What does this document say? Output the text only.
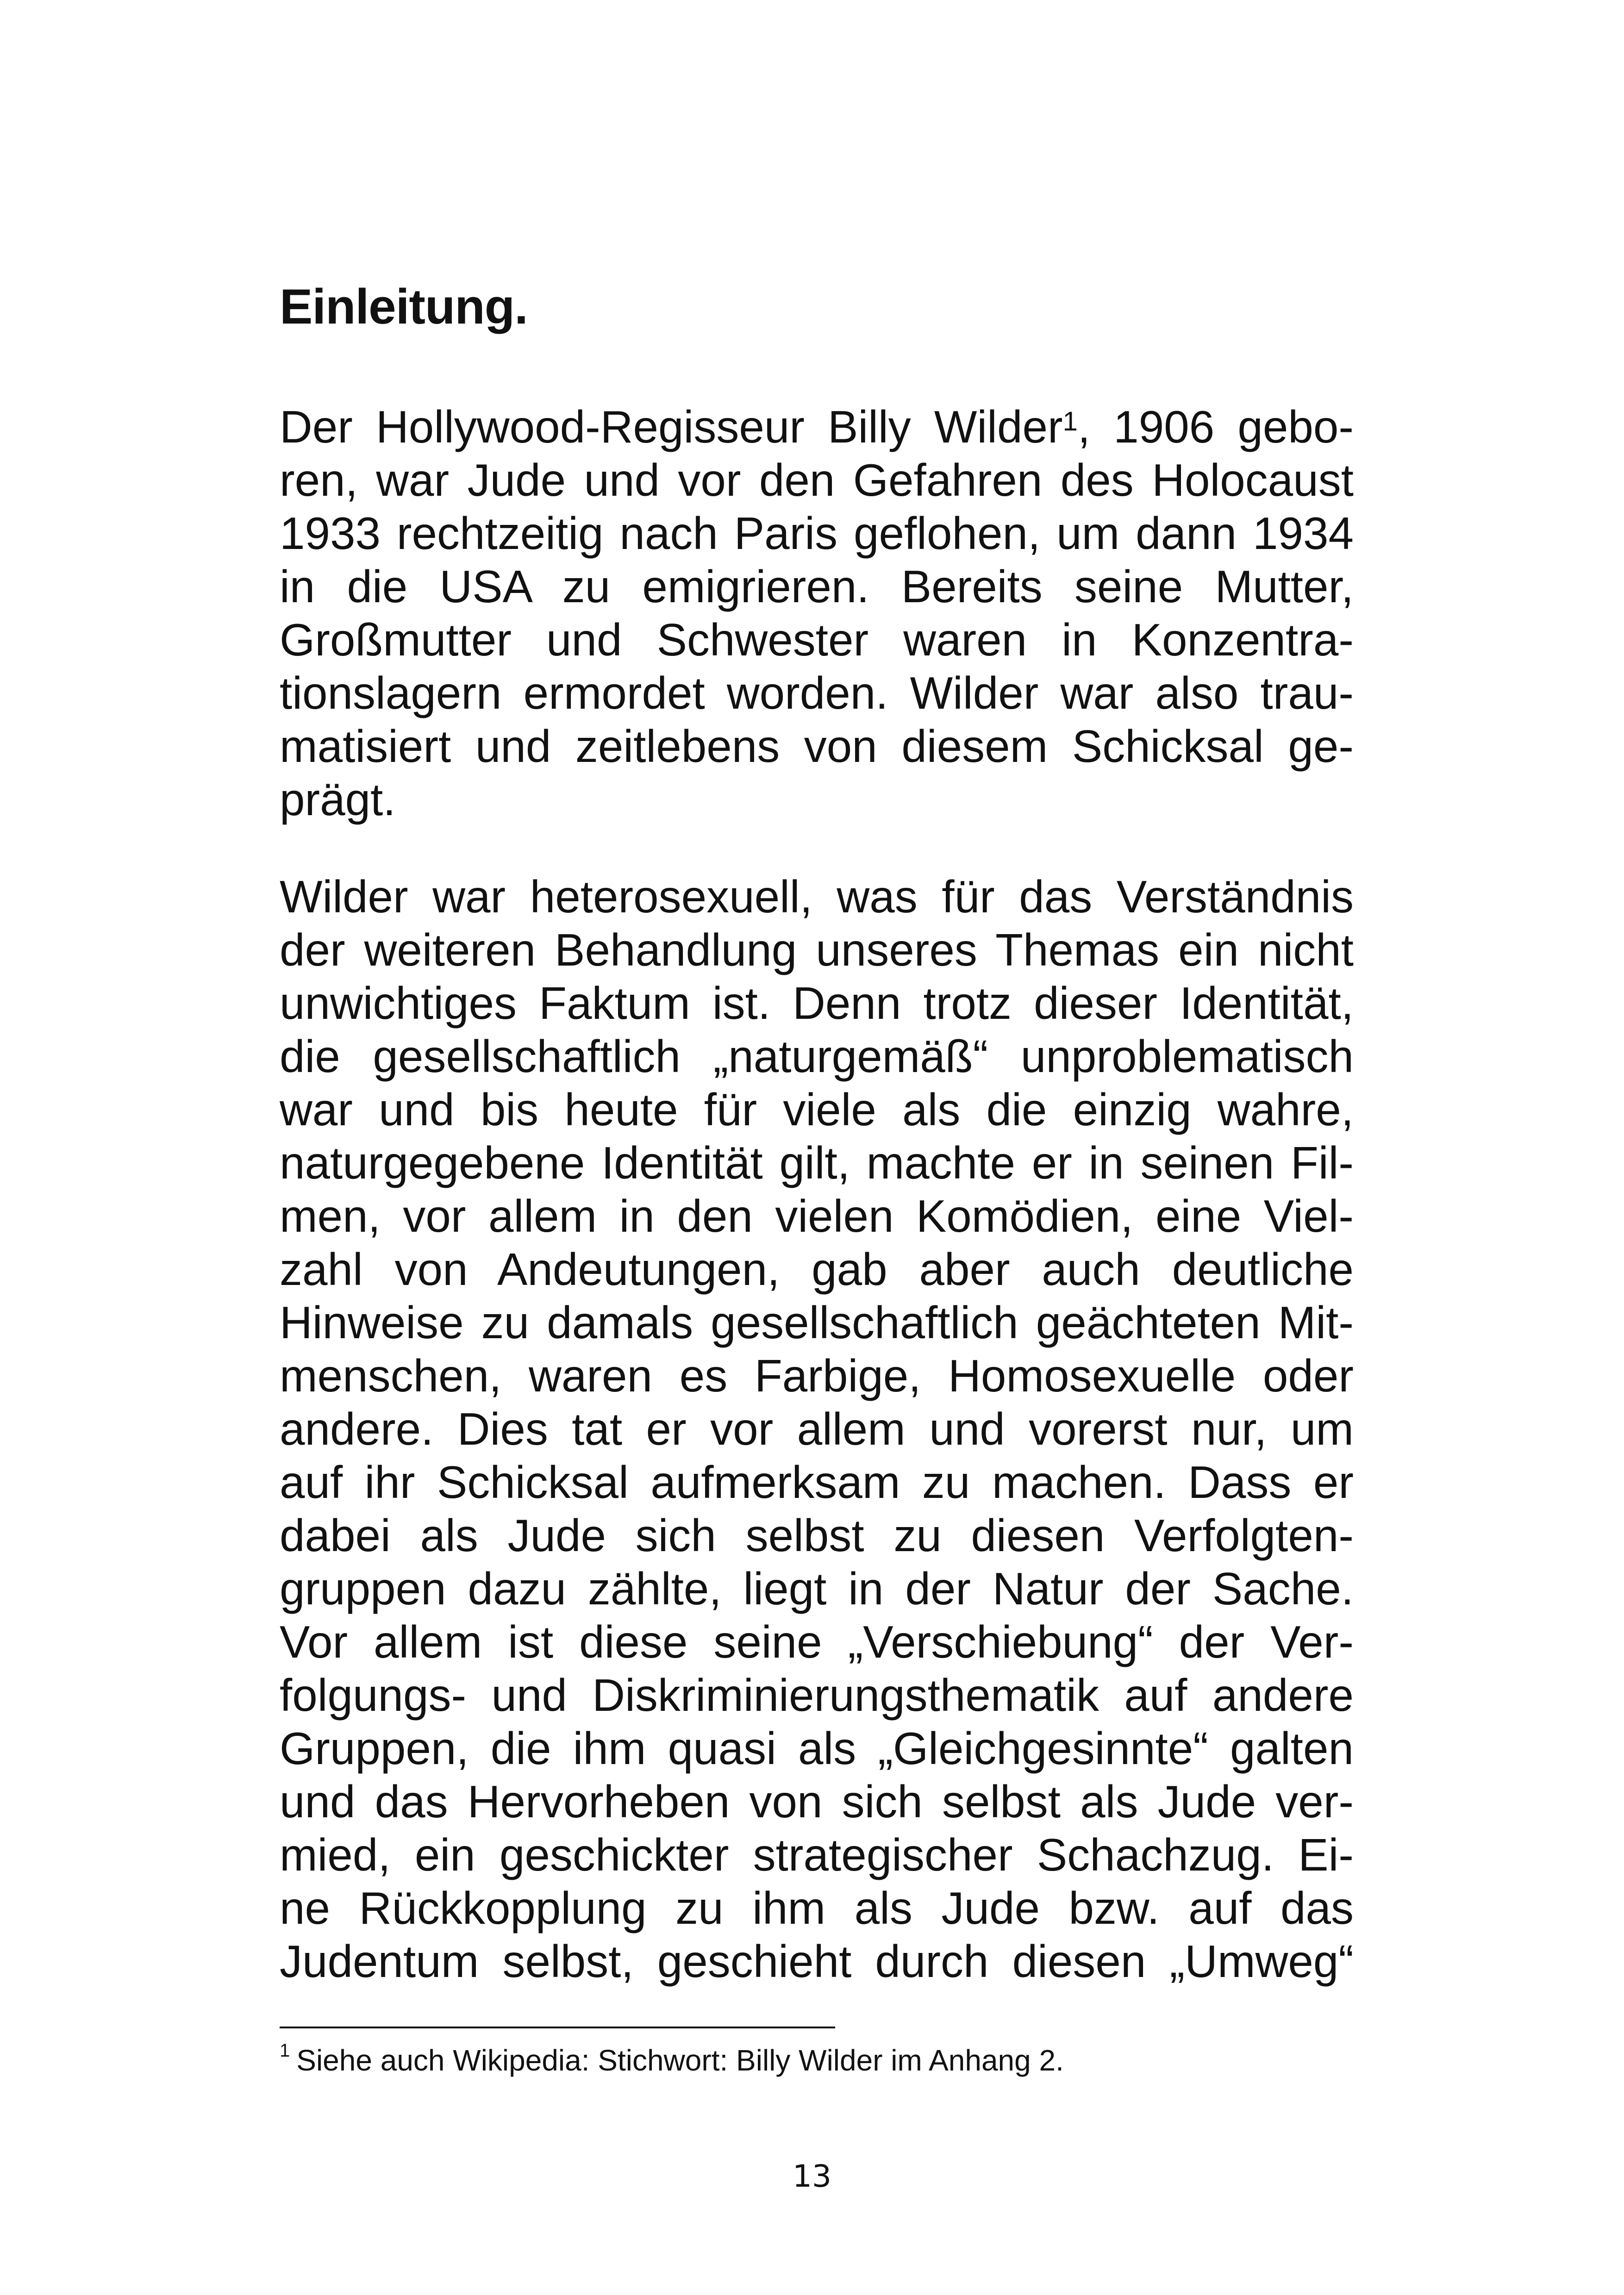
Einleitung.
Der Hollywood-Regisseur Billy Wilder$^1$, 1906 gebo-
ren, war Jude und vor den Gefahren des Holocaust
1933 rechtzeitig nach Paris geflohen, um dann 1934
in die USA zu emigrieren. Bereits seine Mutter,
Großmutter und Schwester waren in Konzentra-
tionslagern ermordet worden. Wilder war also trau-
matisiert und zeitlebens von diesem Schicksal ge-
prägt.
Wilder war heterosexuell, was für das Verständnis
der weiteren Behandlung unseres Themas ein nicht
unwichtiges Faktum ist. Denn trotz dieser Identität,
die gesellschaftlich „naturgemäß“ unproblematisch
war und bis heute für viele als die einzig wahre,
naturgegebene Identität gilt, machte er in seinen Fil-
men, vor allem in den vielen Komödien, eine Viel-
zahl von Andeutungen, gab aber auch deutliche
Hinweise zu damals gesellschaftlich geächteten Mit-
menschen, waren es Farbige, Homosexuelle oder
andere. Dies tat er vor allem und vorerst nur, um
auf ihr Schicksal aufmerksam zu machen. Dass er
dabei als Jude sich selbst zu diesen Verfolgten-
gruppen dazu zählte, liegt in der Natur der Sache.
Vor allem ist diese seine „Verschiebung“ der Ver-
folgungs- und Diskriminierungsthematik auf andere
Gruppen, die ihm quasi als „Gleichgesinnte“ galten
und das Hervorheben von sich selbst als Jude ver-
mied, ein geschickter strategischer Schachzug. Ei-
ne Rückkopplung zu ihm als Jude bzw. auf das
Judentum selbst, geschieht durch diesen „Umweg“

$^1$ Siehe auch Wikipedia: Stichwort: Billy Wilder im Anhang 2.

13
